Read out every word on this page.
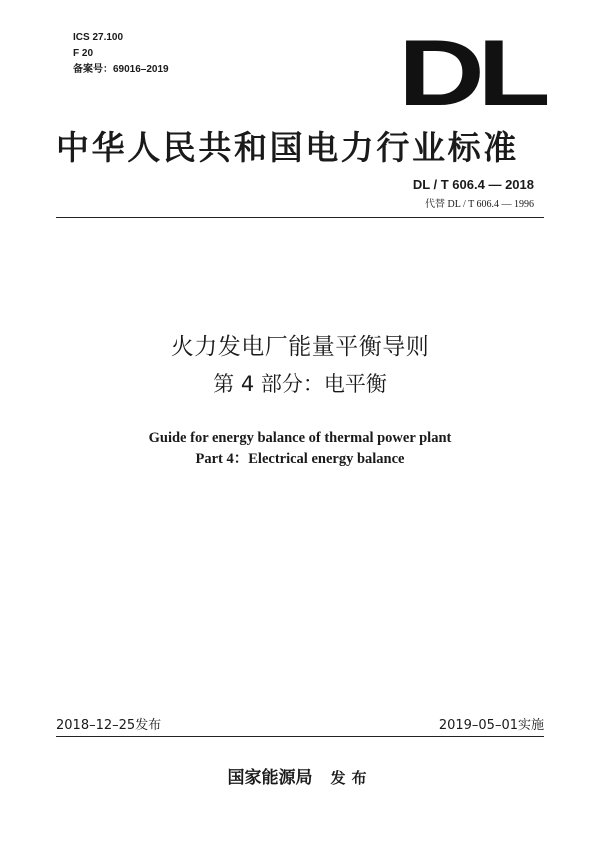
ICS 27.100
F 20
备案号：69016–2019 DL
中华人民共和国电力行业标准
DL / T 606.4 — 2018
代替 DL / T 606.4 — 1996
火力发电厂能量平衡导则
第 4 部分：电平衡
Guide for energy balance of thermal power plant
Part 4：Electrical energy balance
2018–12–25发布	2019–05–01实施
国家能源局 发布
